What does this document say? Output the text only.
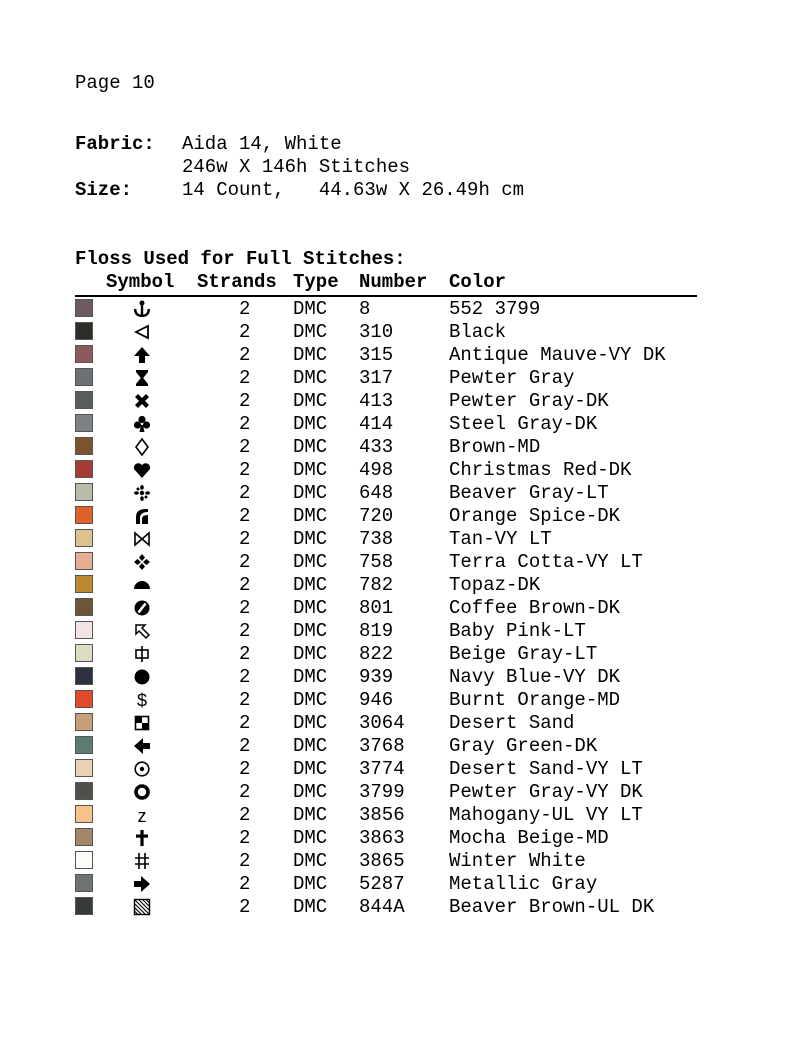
Page 10
Fabric: Aida 14, White
246w X 146h Stitches
Size:	14 Count,   44.63w X 26.49h cm
Floss Used for Full Stitches:
Symbol Strands Type Number Color
2 DMC 8	552 3799
2 DMC 310	Black
2 DMC 315	Antique Mauve-VY DK
2 DMC 317	Pewter Gray
2 DMC 413	Pewter Gray-DK
2 DMC 414	Steel Gray-DK
2 DMC 433	Brown-MD
2 DMC 498	Christmas Red-DK
2 DMC 648	Beaver Gray-LT
2 DMC 720	Orange Spice-DK
2 DMC 738	Tan-VY LT
2 DMC 758	Terra Cotta-VY LT
2 DMC 782	Topaz-DK
2 DMC 801	Coffee Brown-DK
2 DMC 819	Baby Pink-LT
2 DMC 822	Beige Gray-LT
2 DMC 939	Navy Blue-VY DK
$	2 DMC 946	Burnt Orange-MD
2 DMC 3064 Desert Sand
2 DMC 3768 Gray Green-DK
2 DMC 3774 Desert Sand-VY LT
2 DMC 3799 Pewter Gray-VY DK
z	2 DMC 3856 Mahogany-UL VY LT
2 DMC 3863 Mocha Beige-MD
2 DMC 3865 Winter White
2 DMC 5287 Metallic Gray
2 DMC 844A Beaver Brown-UL DK
